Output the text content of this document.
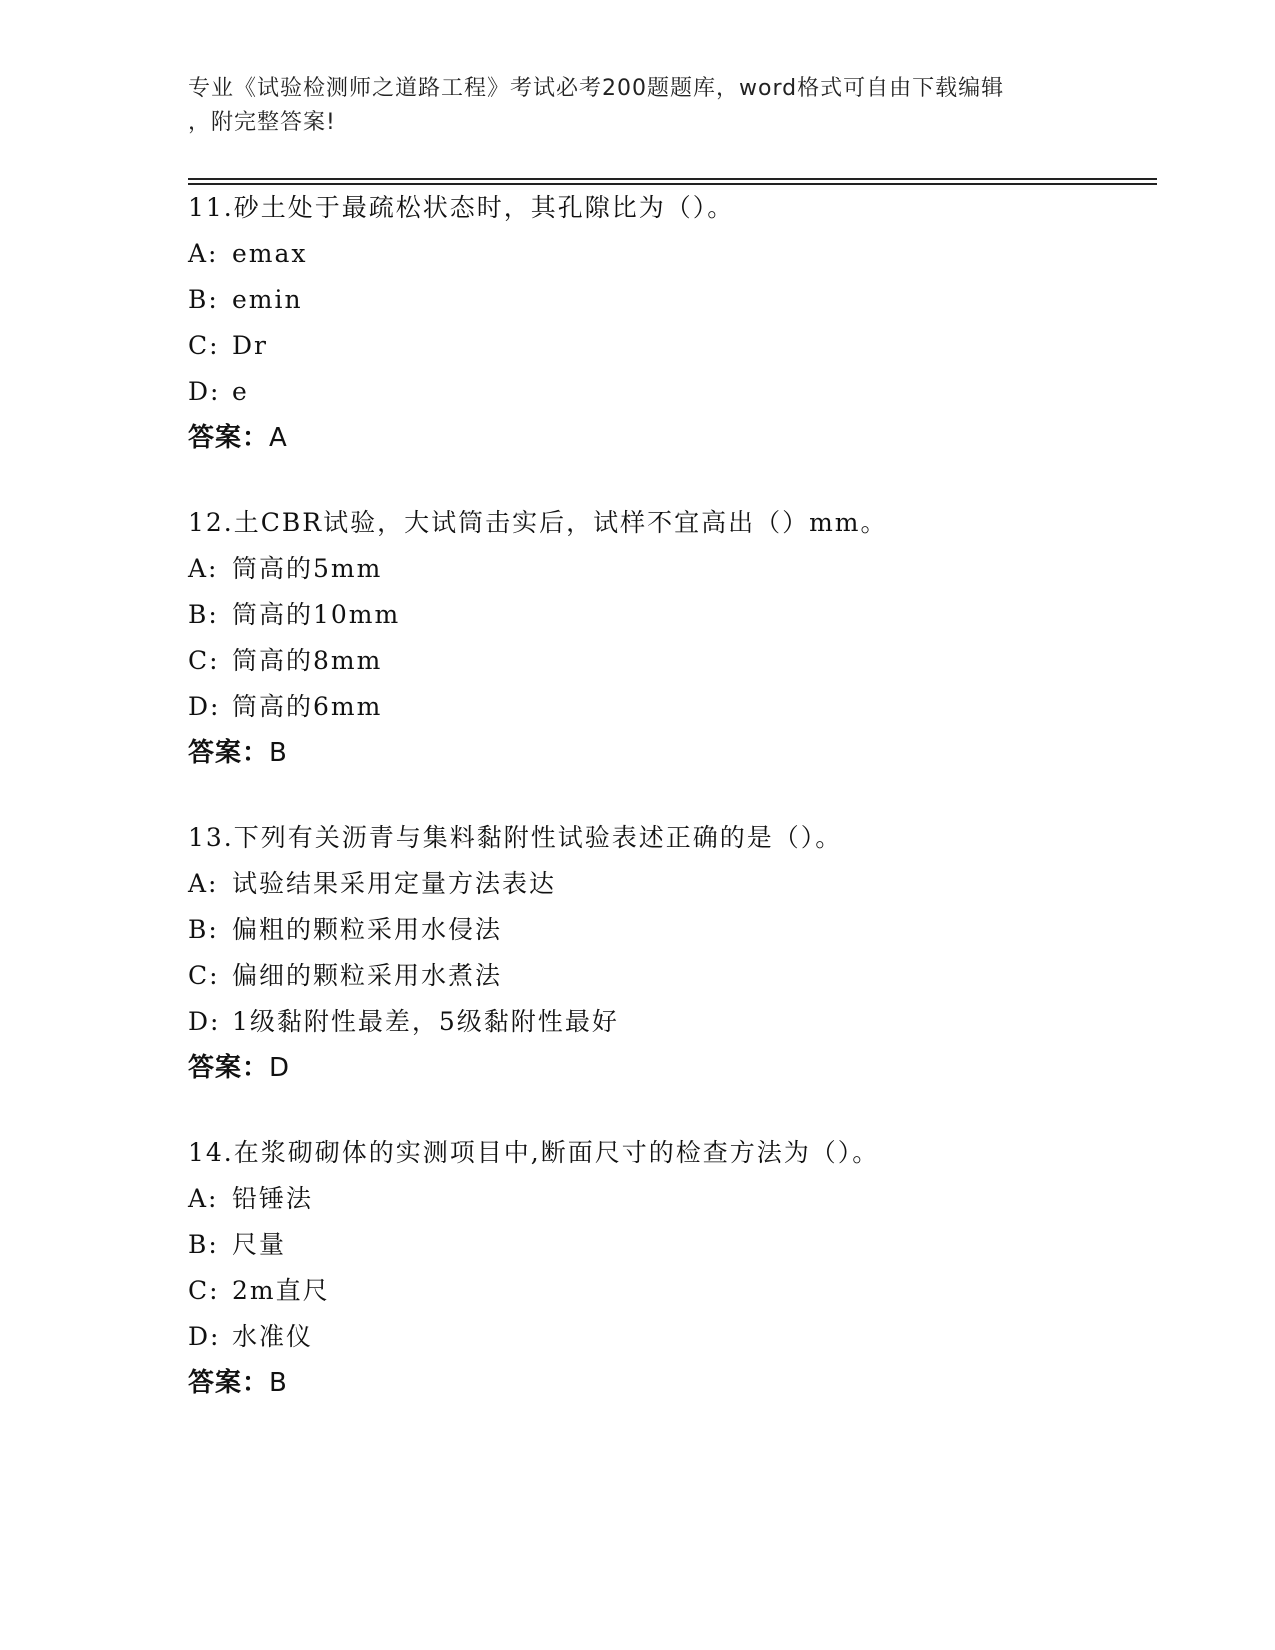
专业《试验检测师之道路工程》考试必考200题题库，word格式可自由下载编辑
，附完整答案!
11.砂土处于最疏松状态时，其孔隙比为（）。
A: emax
B: emin
C: Dr
D: e
答案：A
12.土CBR试验，大试筒击实后，试样不宜高出（）mm。
A: 筒高的5mm
B: 筒高的10mm
C: 筒高的8mm
D: 筒高的6mm
答案：B
13.下列有关沥青与集料黏附性试验表述正确的是（）。
A: 试验结果采用定量方法表达
B: 偏粗的颗粒采用水侵法
C: 偏细的颗粒采用水煮法
D: 1级黏附性最差，5级黏附性最好
答案：D
14.在浆砌砌体的实测项目中,断面尺寸的检查方法为（）。
A: 铅锤法
B: 尺量
C: 2m直尺
D: 水准仪
答案：B
